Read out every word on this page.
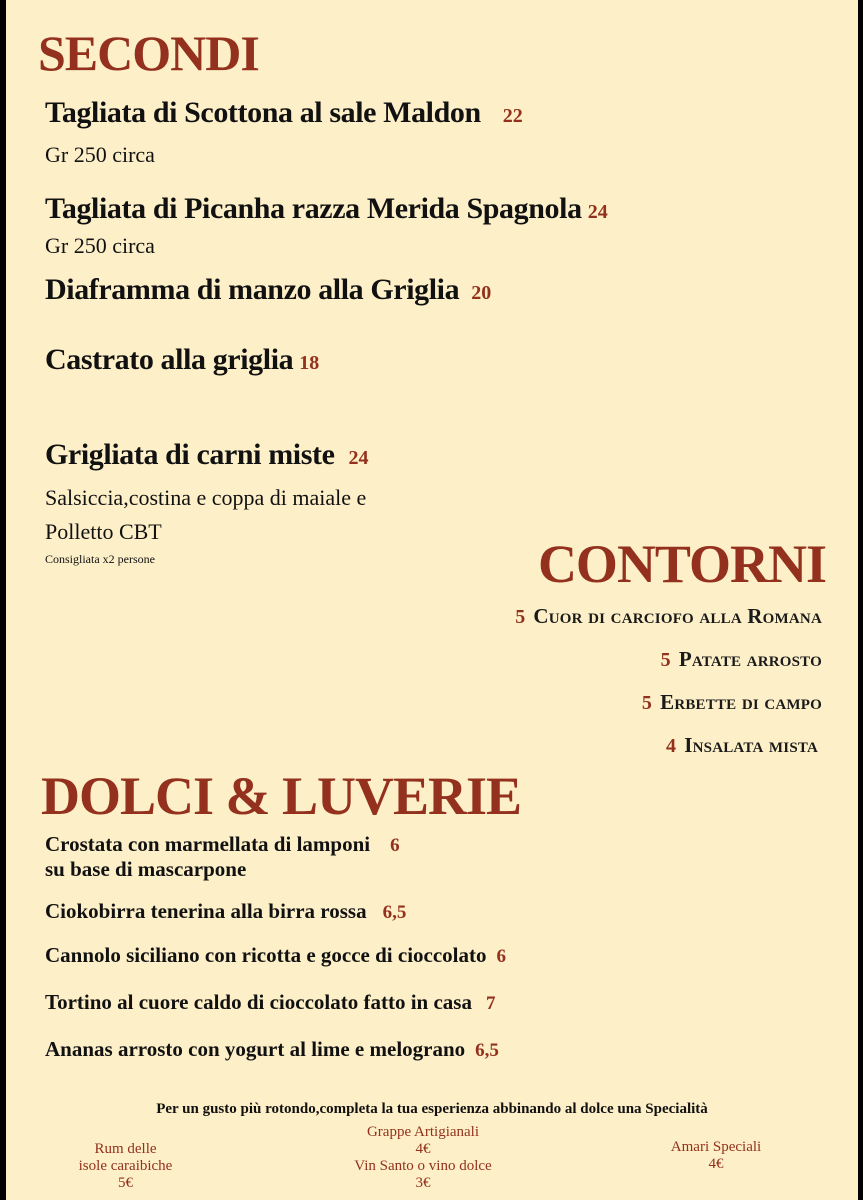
SECONDI
Tagliata di Scottona al sale Maldon 22
Gr 250 circa
Tagliata di Picanha razza Merida Spagnola 24
Gr 250 circa
Diaframma di manzo alla Griglia 20
Castrato alla griglia 18
Grigliata di carni miste 24
Salsiccia,costina e coppa di maiale e
Polletto CBT
Consigliata x2 persone	CONTORNI
5 Cuor di carciofo alla Romana
5 Patate arrosto
5 Erbette di campo
4 Insalata mista
DOLCI & LUVERIE
Crostata con marmellata di lamponi 6
su base di mascarpone
Ciokobirra tenerina alla birra rossa 6,5
Cannolo siciliano con ricotta e gocce di cioccolato 6
Tortino al cuore caldo di cioccolato fatto in casa 7
Ananas arrosto con yogurt al lime e melograno 6,5
Per un gusto più rotondo,completa la tua esperienza abbinando al dolce una Specialità
Rum delle
isole caraibiche
5€
Grappe Artigianali
4€
Vin Santo o vino dolce
3€
Amari Speciali
4€
